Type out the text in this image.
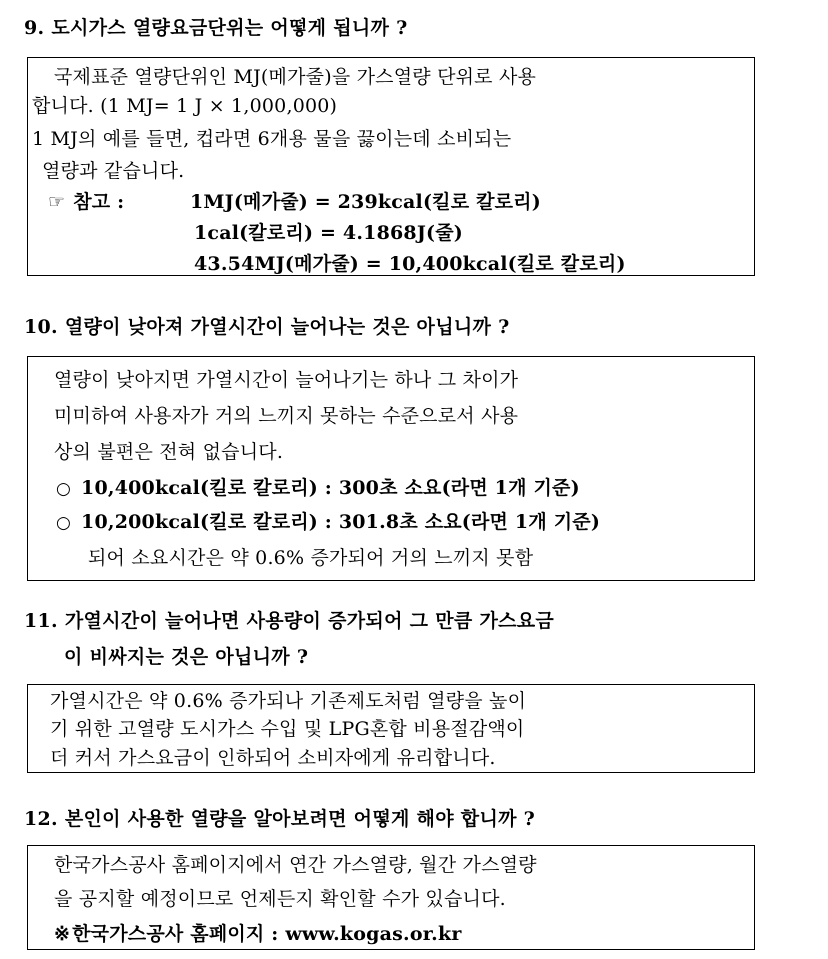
9. 도시가스 열량요금단위는 어떻게 됩니까 ?
국제표준 열량단위인 MJ(메가줄)을 가스열량 단위로 사용
합니다. (1 MJ= 1 J × 1,000,000)
1 MJ의 예를 들면, 컵라면 6개용 물을 끓이는데 소비되는
열량과 같습니다.
☞ 참고 :	1MJ(메가줄) = 239kcal(킬로 칼로리)
1cal(칼로리) = 4.1868J(줄)
43.54MJ(메가줄) = 10,400kcal(킬로 칼로리)
10. 열량이 낮아져 가열시간이 늘어나는 것은 아닙니까 ?
열량이 낮아지면 가열시간이 늘어나기는 하나 그 차이가
미미하여 사용자가 거의 느끼지 못하는 수준으로서 사용
상의 불편은 전혀 없습니다.
○ 10,400kcal(킬로 칼로리) : 300초 소요(라면 1개 기준)
○ 10,200kcal(킬로 칼로리) : 301.8초 소요(라면 1개 기준)
되어 소요시간은 약 0.6% 증가되어 거의 느끼지 못함
11. 가열시간이 늘어나면 사용량이 증가되어 그 만큼 가스요금
이 비싸지는 것은 아닙니까 ?
가열시간은 약 0.6% 증가되나 기존제도처럼 열량을 높이
기 위한 고열량 도시가스 수입 및 LPG혼합 비용절감액이
더 커서 가스요금이 인하되어 소비자에게 유리합니다.
12. 본인이 사용한 열량을 알아보려면 어떻게 해야 합니까 ?
한국가스공사 홈페이지에서 연간 가스열량, 월간 가스열량
을 공지할 예정이므로 언제든지 확인할 수가 있습니다.
※ 한국가스공사 홈페이지 : www.kogas.or.kr
